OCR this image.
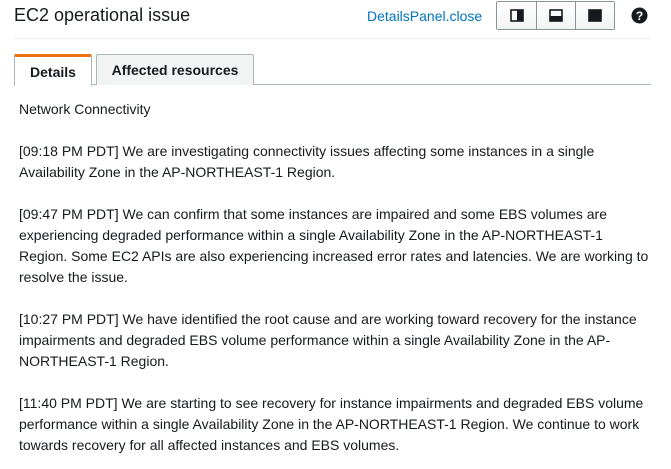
EC2 operational issue	DetailsPanel.close	?
Details	Affected resources
Network Connectivity

[09:18 PM PDT] We are investigating connectivity issues affecting some instances in a single Availability Zone in the AP-NORTHEAST-1 Region.

[09:47 PM PDT] We can confirm that some instances are impaired and some EBS volumes are experiencing degraded performance within a single Availability Zone in the AP-NORTHEAST-1 Region. Some EC2 APIs are also experiencing increased error rates and latencies. We are working to resolve the issue.

[10:27 PM PDT] We have identified the root cause and are working toward recovery for the instance impairments and degraded EBS volume performance within a single Availability Zone in the AP-NORTHEAST-1 Region.

[11:40 PM PDT] We are starting to see recovery for instance impairments and degraded EBS volume performance within a single Availability Zone in the AP-NORTHEAST-1 Region. We continue to work towards recovery for all affected instances and EBS volumes.
